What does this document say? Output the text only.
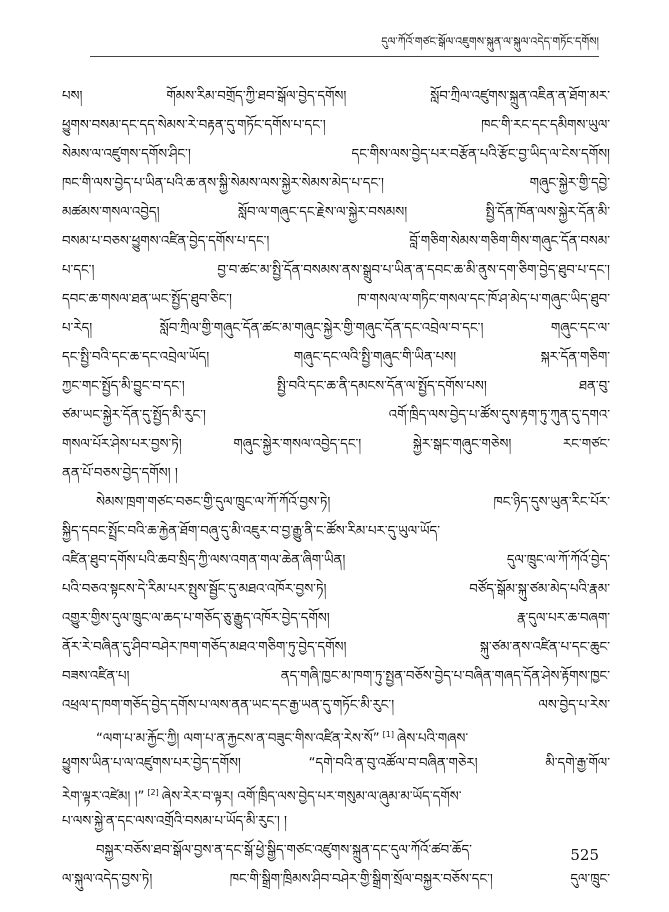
དུལ་ཀོའོ་གཙང་སྒོལ་འཇུགས་སྐུན་ལ་སྐུལ་འདེད་གཏོང་དགོས།
པས། གོམས་རིམ་བགྲོད་ཀྱི་ཐབ་སྒོལ་བྱེད་དགོས། སློབ་ཀྲིལ་འཛུགས་སྐྲུན་འཇིན་ན་ཐོག་མར་
ཕྱུགས་བསམ་དང་དད་སེམས་རེ་བརྟན་དུ་གཏོང་དགོས་པ་དང་། ཁང་གི་རང་དང་དམིགས་ཡུལ་
སེམས་ལ་འཛུགས་དགོས་ཤིང་། དང་གིས་ལས་བྱེད་པར་བརྩོན་པའི་རྩོང་བྱ་ཡིད་ལ་ངེས་དགོས།
ཁང་གི་ལས་བྱེད་པ་ཡིན་པའི་ཆ་ནས་སྐྱི་སེམས་ལས་སྐྱེར་སེམས་མེད་པ་དང་། གཞུང་སྐྱེར་གྱི་དབྱེ་
མཚམས་གསལ་འབྱེད། སློབ་ལ་གཞུང་དང་རྗེས་ལ་སྐྱེར་བསམས། སྤྱི་དོན་ཁོན་ལས་སྐྱེར་དོན་མི་
བསམ་པ་བཅས་ཕྱུགས་འཛིན་བྱེད་དགོས་པ་དང་། བློ་གཅིག་སེམས་གཅིག་གིས་གཞུང་དོན་བསམ་
པ་དང་། བྱ་བ་ཚང་མ་སྤྱི་དོན་བསམས་ནས་སྒྲུབ་པ་ཡིན་ན་དབང་ཆ་མི་ནུས་དག་ཅིག་བྱེད་ཐུབ་པ་དང་།
དབང་ཆ་གསལ་ཐན་ཡང་སྤྱོད་ཐུབ་ཅིང་། ཁ་གསལ་ལ་གཏིང་གསལ་དང་ཁོ་ཤ་མེད་པ་གཞུང་ཡིད་ཐུབ་
པ་རེད། སློབ་ཀྲིལ་གྱི་གཞུང་དོན་ཚང་མ་གཞུང་སྐྱེར་གྱི་གཞུང་དོན་དང་འབྲེལ་བ་དང་། གཞུང་དང་ལ་
དང་སྤྱི་བའི་དང་ཆ་དང་འབྲེལ་ཡོད། གཞུང་དང་ལའི་སྤྱི་གཞུང་གི་ཡིན་པས། སྐར་དོན་གཅིག་
ཀྱང་གང་སྤྱོད་མི་བྱུང་བ་དང་། སྤྱི་བའི་དང་ཆ་ནི་དམངས་དོན་ལ་སྤྱོད་དགོས་པས། ཐན་བུ་
ཙམ་ཡང་སྐྱེར་དོན་དུ་སྤྱོད་མི་རུང་། འགོ་ཁྲིད་ལས་བྱེད་པ་ཚོས་དུས་རྟག་ཏུ་ཀུན་དུ་དགའ་
གསལ་པོར་ཤེས་པར་བྱས་ཏེ། གཞུང་སྐྱེར་གསལ་འབྱེད་དང་། སྐྱེར་སྒང་གཞུང་གཅེས། རང་གཙང་
ནན་པོ་བཅས་བྱེད་དགོས། །
སེམས་ཁྲག་གཙང་བཅང་གྱི་དུལ་ཁྲུང་ལ་ཀོ་ཀོའོ་བྱས་ཏེ། ཁང་ཉིད་དུས་ཡུན་རིང་པོར་
སྐྱིད་དབང་སྤྲོང་བའི་ཆ་རྐྱེན་ཐོག་བཞུ་དུ་མི་འཇུར་བ་བྱ་རྒྱུ་ནི་ང་ཚོས་རིམ་པར་དུ་ཡུལ་ཡོད་
འཛིན་ཐུབ་དགོས་པའི་ཆབ་སྲིད་ཀྱི་ལས་འགན་གལ་ཆེན་ཞིག་ཡིན། དུལ་ཁྲུང་ལ་ཀོ་ཀོའོ་བྱེད་
པའི་བཅའ་སྟངས་དེ་རིམ་པར་སྤུས་སྦྱོང་དུ་མཐའ་འཁོར་བྱས་ཏེ། བཙོད་སྒོམ་སྐུ་ཙམ་མེད་པའི་རྣམ་
འགྱུར་གྱིས་དུལ་ཁྲུང་ལ་ཆད་པ་གཅོད་ཅུ་རྒྱུད་འཁོར་བྱེད་དགོས། རྣ་དུལ་པར་ཆ་བཞག་
ནོར་རེ་བཞིན་དུ་ཤིབ་བཤེར་ཁག་གཅོད་མཐའ་གཅིག་ཏུ་བྱེད་དགོས། སྐུ་ཙམ་ནས་འཛིན་པ་དང་ཆུང་
བཟས་འཛིན་པ། ནད་གཞི་ཁྱང་མ་ཁག་ཏུ་སྤྱན་བཅོས་བྱེད་པ་བཞིན་གཞད་དོན་ཤེས་རྟོགས་ཁྱང་
འཕྲལ་ད་ཁག་གཅོད་བྱེད་དགོས་པ་ལས་ནན་ཡང་དང་རྒྱ་ཡན་དུ་གཏོང་མི་རུང་། ལས་བྱེད་པ་རེས་
“ལག་པ་མ་རྐྱོང་ཀྱི། ལག་པ་ན་རྐྱངས་ན་བཟུང་གིས་འཛིན་རེས་སོ” [1] ཞེས་པའི་གཞས་
ཕྱུགས་ཡིན་པ་ལ་འཛུགས་པར་བྱེད་དགོས། “དགེ་བའི་ན་བུ་འཚོལ་བ་བཞིན་གཅེར། མི་དགེ་རྒྱ་གོལ་
རེག་ལྟར་འཛེམ། །” [2] ཞེས་རེར་བ་ལྟར། འགོ་ཁྲིད་ལས་བྱེད་པར་གསུམ་ལ་ཞུམ་མ་ཡོད་དགོས་
པ་ལས་སྐྱེ་ན་དང་ལས་འགྲོའི་བསམ་པ་ཡོད་མི་རུང་། །
བསྐྱར་བཅོས་ཐབ་སྒོལ་བྱས་ན་དང་སྒོ་ཕྱེ་སྒྱིད་གཙང་འཛུགས་སྐྲུན་དང་དུལ་ཀོའོ་ཚབ་ཆོད་
ལ་སྐུལ་འདེད་བྱས་ཏེ། ཁང་གི་སྒྲིག་ཁྲིམས་ཤིབ་བཤེར་གྱི་སྒྲིག་སྲོལ་བསྐྱར་བཅོས་དང་། དུལ་ཁྲུང་
525
